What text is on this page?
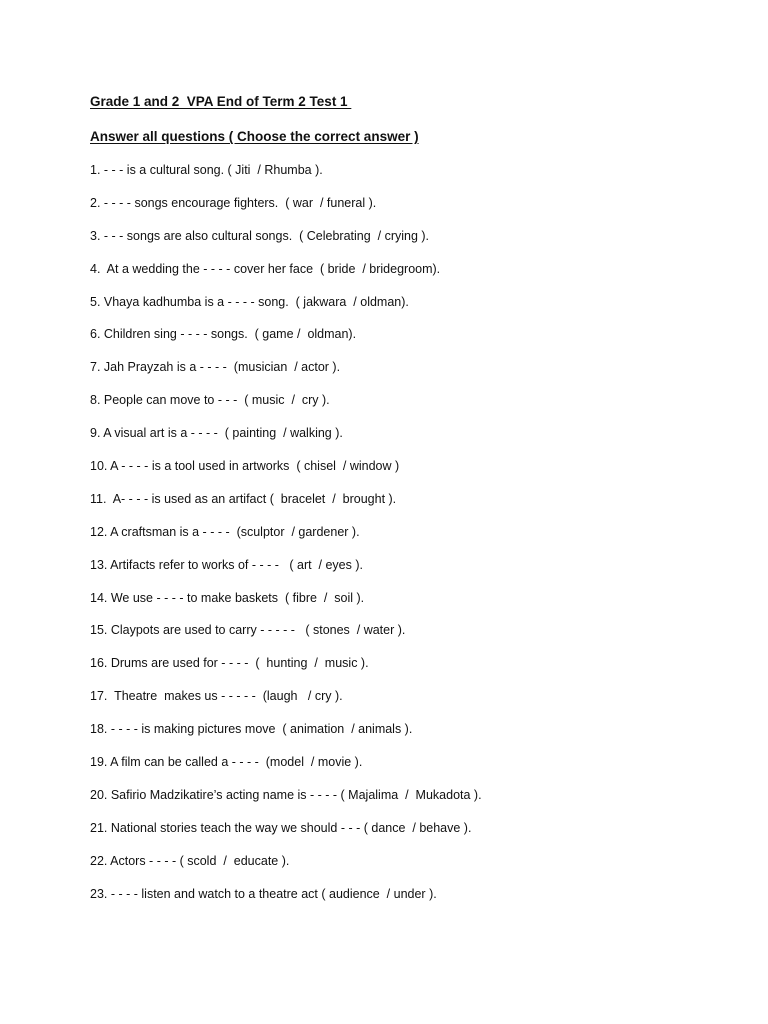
Grade 1 and 2  VPA End of Term 2 Test 1
Answer all questions ( Choose the correct answer )
1. - - - is a cultural song. ( Jiti  / Rhumba ).
2. - - - - songs encourage fighters.  ( war  / funeral ).
3. - - - songs are also cultural songs.  ( Celebrating  / crying ).
4.  At a wedding the - - - - cover her face  ( bride  / bridegroom).
5. Vhaya kadhumba is a - - - - song.  ( jakwara  / oldman).
6. Children sing - - - - songs.  ( game /  oldman).
7. Jah Prayzah is a - - - -  (musician  / actor ).
8. People can move to - - -  ( music  /  cry ).
9. A visual art is a - - - -  ( painting  / walking ).
10. A - - - - is a tool used in artworks  ( chisel  / window )
11.  A- - - - is used as an artifact (  bracelet  /  brought ).
12. A craftsman is a - - - -  (sculptor  / gardener ).
13. Artifacts refer to works of - - - -   ( art  / eyes ).
14. We use - - - - to make baskets  ( fibre  /  soil ).
15. Claypots are used to carry - - - - -   ( stones  / water ).
16. Drums are used for - - - -  (  hunting  /  music ).
17.  Theatre  makes us - - - - -  (laugh   / cry ).
18. - - - - is making pictures move  ( animation  / animals ).
19. A film can be called a - - - -  (model  / movie ).
20. Safirio Madzikatire’s acting name is - - - - ( Majalima  /  Mukadota ).
21. National stories teach the way we should - - - ( dance  / behave ).
22. Actors - - - - ( scold  /  educate ).
23. - - - - listen and watch to a theatre act ( audience  / under ).
